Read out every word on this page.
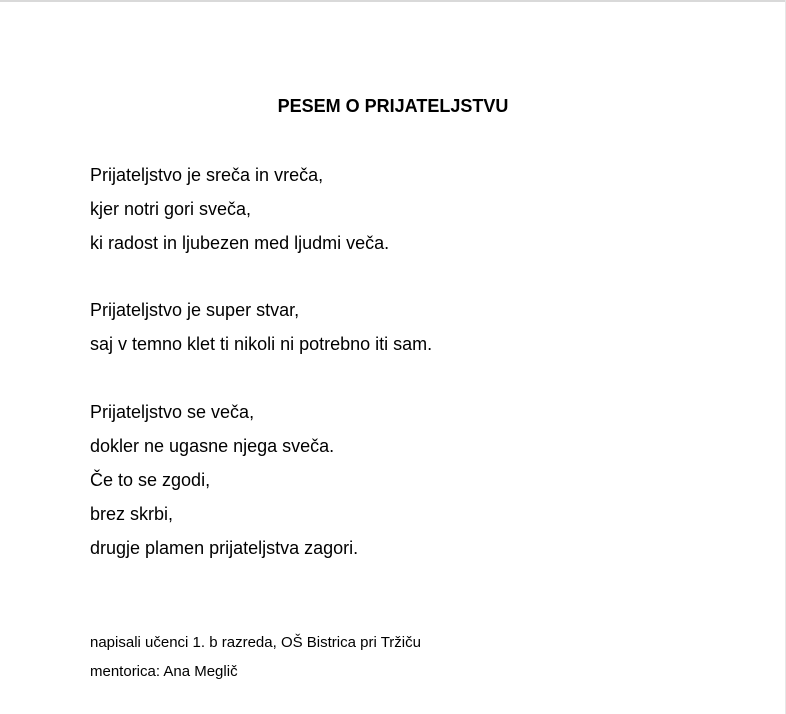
PESEM O PRIJATELJSTVU
Prijateljstvo je sreča in vreča,
kjer notri gori sveča,
ki radost in ljubezen med ljudmi veča.
Prijateljstvo je super stvar,
saj v temno klet ti nikoli ni potrebno iti sam.
Prijateljstvo se veča,
dokler ne ugasne njega sveča.
Če to se zgodi,
brez skrbi,
drugje plamen prijateljstva zagori.
napisali učenci 1. b razreda, OŠ Bistrica pri Tržiču
mentorica: Ana Meglič
